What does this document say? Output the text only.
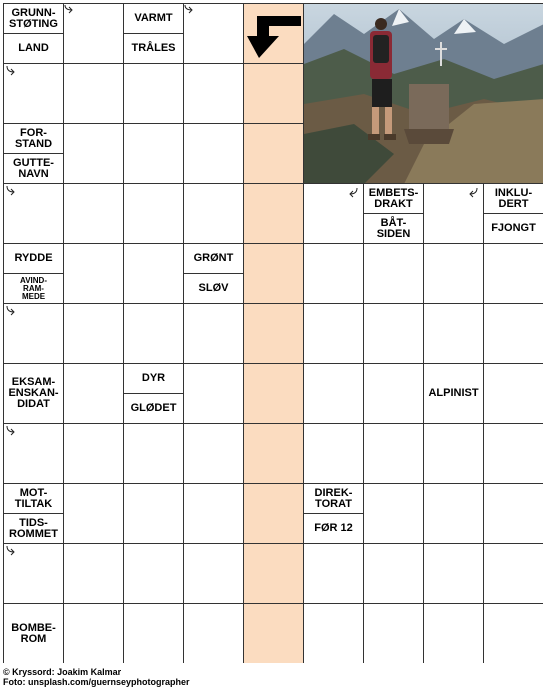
GRUNN-
STØTING
LAND
VARMT
TRÅLES
FOR-
STAND
GUTTE-
NAVN
EMBETS-
DRAKT
BÅT-
SIDEN
INKLU-
DERT
FJONGT
RYDDE
AVIND-
RAM-
MEDE
GRØNT
SLØV
EKSAM-
ENSKAN-
DIDAT
DYR
GLØDET
ALPINIST
MOT-
TILTAK
TIDS-
ROMMET
DIREK-
TORAT
FØR 12
BOMBE-
ROM
© Kryssord: Joakim Kalmar
Foto: unsplash.com/guernseyphotographer
